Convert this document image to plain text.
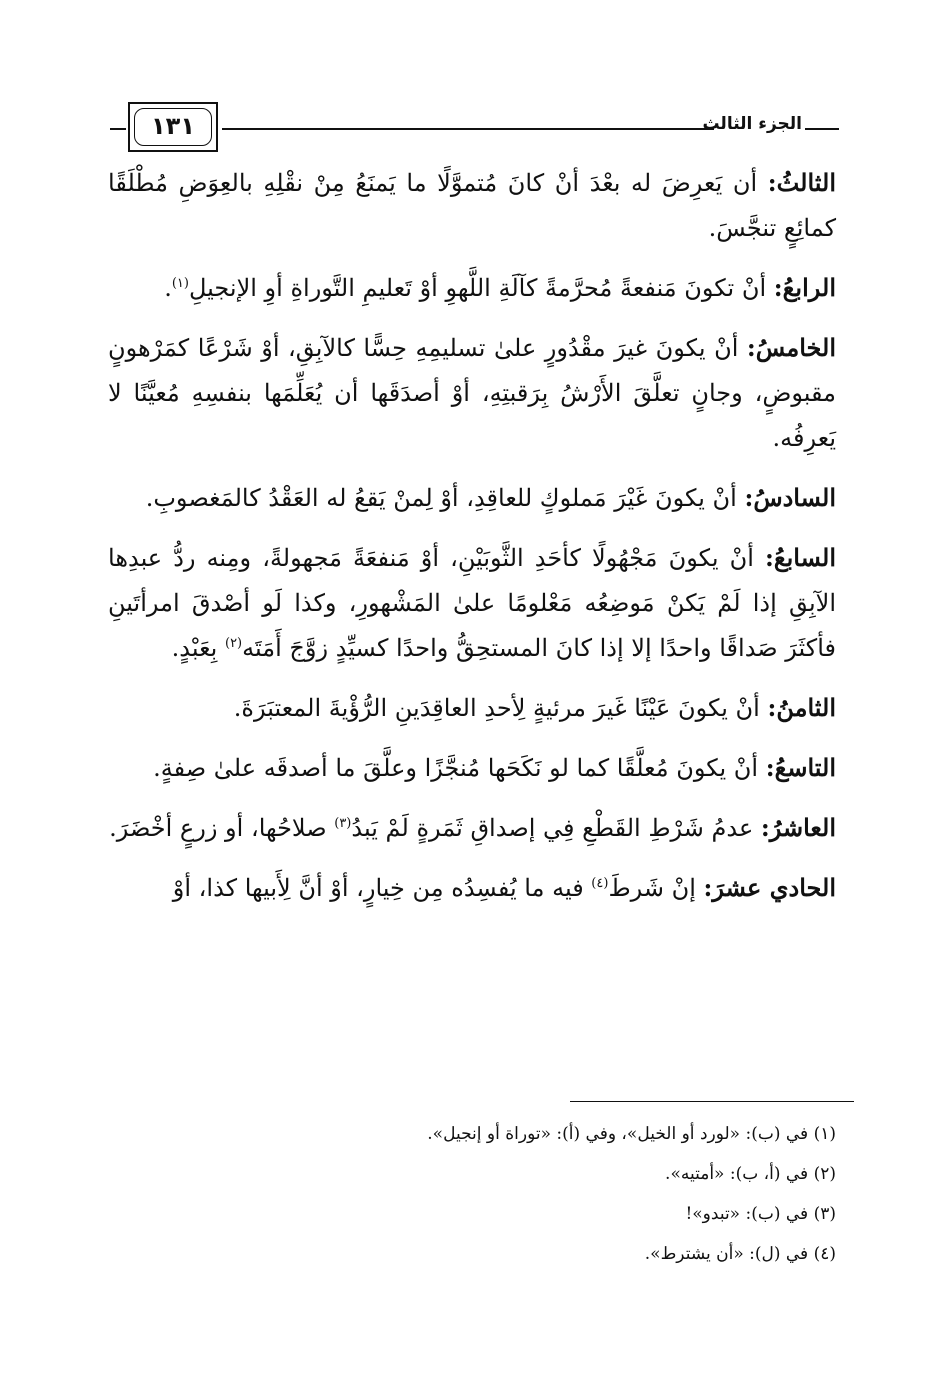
١٣١	الجزء الثالث

الثالثُ: أن يَعرِضَ له بعْدَ أنْ كانَ مُتموَّلًا ما يَمنَعُ مِنْ نقْلِهِ بالعِوَضِ مُطْلَقًا كمائِعٍ تنجَّسَ.

الرابعُ: أنْ تكونَ مَنفعةً مُحرَّمةً كآلَةِ اللَّهوِ أوْ تَعليمِ التَّوراةِ أوِ الإنجيلِ$^{(١)}$.

الخامسُ: أنْ يكونَ غيرَ مقْدُورٍ علىٰ تسليمِهِ حِسًّا كالآبِقِ، أوْ شَرْعًا كمَرْهونٍ مقبوضٍ، وجانٍ تعلَّقَ الأَرْشُ بِرَقبتِهِ، أوْ أصدَقَها أن يُعَلِّمَها بنفسِهِ مُعيَّنًا لا يَعرِفُه.

السادسُ: أنْ يكونَ غَيْرَ مَملوكٍ للعاقِدِ، أوْ لِمنْ يَقعُ له العَقْدُ كالمَغصوبِ.

السابعُ: أنْ يكونَ مَجْهُولًا كأحَدِ الثَّوبَيْنِ، أوْ مَنفعَةً مَجهولةً، ومِنه ردُّ عبدِها الآبِقِ إذا لَمْ يَكنْ مَوضِعُه مَعْلومًا علىٰ المَشْهورِ، وكذا لَو أصْدقَ امرأتَينِ فأكثَرَ صَداقًا واحدًا إلا إذا كانَ المستحِقُّ واحدًا كسيِّدٍ زوَّجَ أَمَتَه$^{(٢)}$ بِعَبْدٍ.

الثامنُ: أنْ يكونَ عَيْنًا غَيرَ مرئيةٍ لِأحدِ العاقِدَينِ الرُّؤْيةَ المعتبَرَةَ.

التاسعُ: أنْ يكونَ مُعلَّقًا كما لو نَكَحَها مُنجَّزًا وعلَّقَ ما أصدقَه علىٰ صِفةٍ.

العاشرُ: عدمُ شَرْطِ القَطْعِ فِي إصداقِ ثَمَرةٍ لَمْ يَبدُ$^{(٣)}$ صلاحُها، أو زرعٍ أخْضَرَ.

الحادي عشرَ: إنْ شَرطَ$^{(٤)}$ فيه ما يُفسِدُه مِن خِيارٍ، أوْ أنَّ لِأَبيها كذا، أوْ

(١) في (ب): «لورد أو الخيل»، وفي (أ): «توراة أو إنجيل».

(٢) في (أ، ب): «أمتيه».

(٣) في (ب): «تبدو»!

(٤) في (ل): «أن يشترط».
